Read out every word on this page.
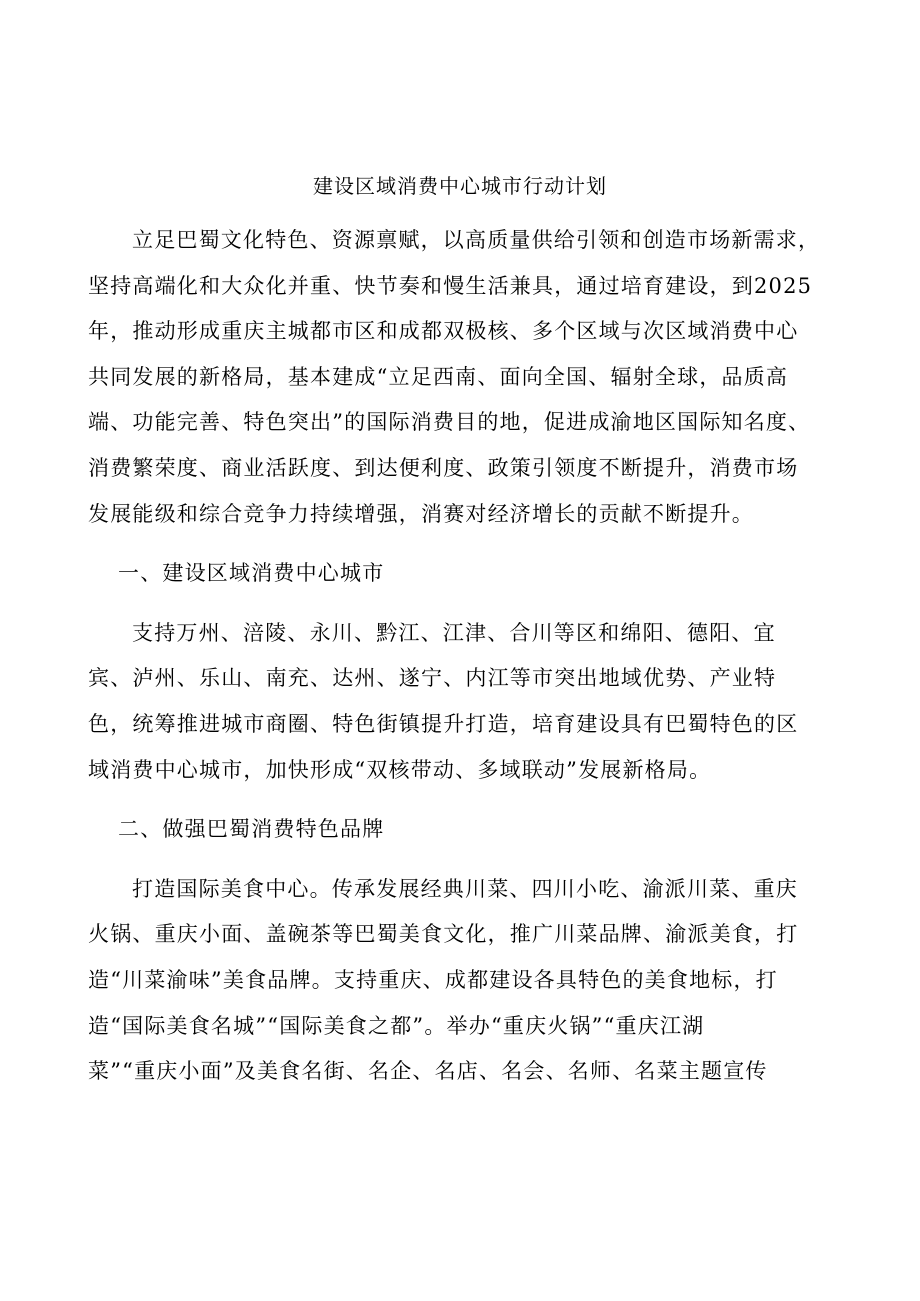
建设区域消费中心城市行动计划

立足巴蜀文化特色、资源禀赋，以高质量供给引领和创造市场新需求，
坚持高端化和大众化并重、快节奏和慢生活兼具，通过培育建设，到2025
年，推动形成重庆主城都市区和成都双极核、多个区域与次区域消费中心
共同发展的新格局，基本建成“立足西南、面向全国、辐射全球，品质高
端、功能完善、特色突出”的国际消费目的地，促进成渝地区国际知名度、
消费繁荣度、商业活跃度、到达便利度、政策引领度不断提升，消费市场
发展能级和综合竞争力持续增强，消赛对经济增长的贡献不断提升。

一、建设区域消费中心城市

支持万州、涪陵、永川、黔江、江津、合川等区和绵阳、德阳、宜
宾、泸州、乐山、南充、达州、遂宁、内江等市突出地域优势、产业特
色，统筹推进城市商圈、特色街镇提升打造，培育建设具有巴蜀特色的区
域消费中心城市，加快形成“双核带动、多域联动”发展新格局。

二、做强巴蜀消费特色品牌

打造国际美食中心。传承发展经典川菜、四川小吃、渝派川菜、重庆
火锅、重庆小面、盖碗茶等巴蜀美食文化，推广川菜品牌、渝派美食，打
造“川菜渝味”美食品牌。支持重庆、成都建设各具特色的美食地标，打
造“国际美食名城”“国际美食之都”。举办“重庆火锅”“重庆江湖
菜”“重庆小面”及美食名街、名企、名店、名会、名师、名菜主题宣传
